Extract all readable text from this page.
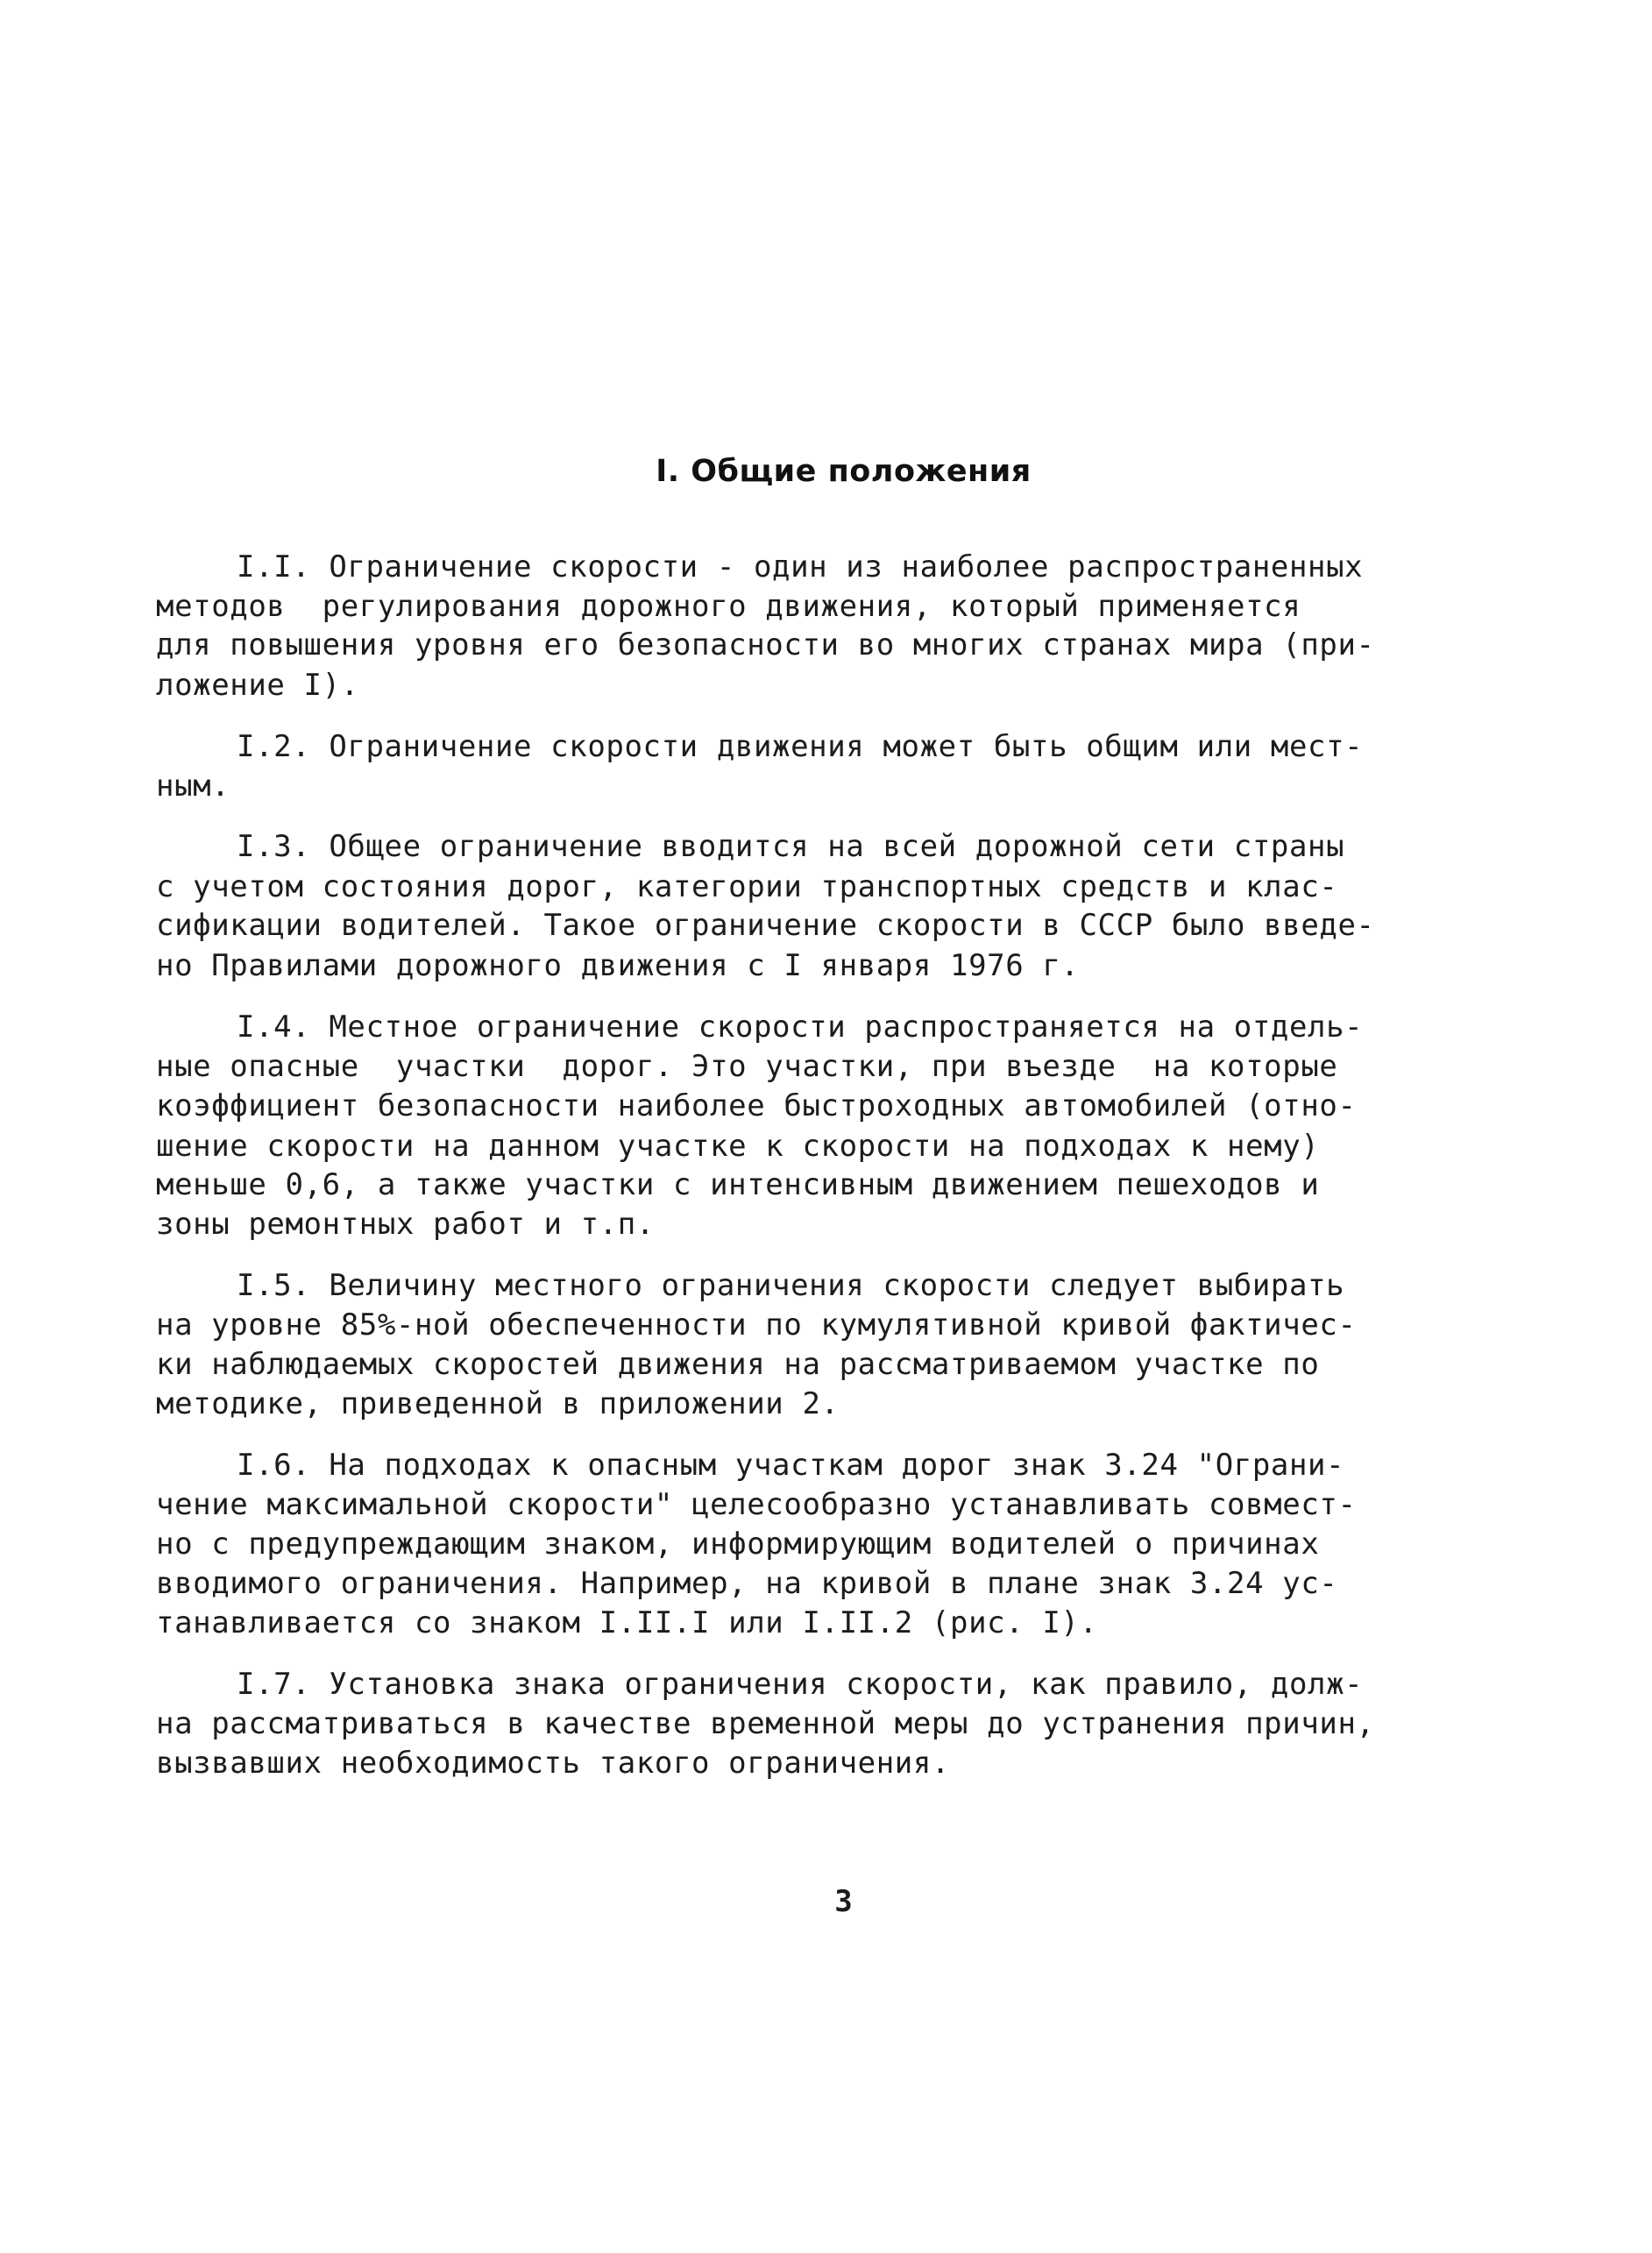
I. Общие положения
I.I. Ограничение скорости - один из наиболее распространенных
методов  регулирования дорожного движения, который применяется
для повышения уровня его безопасности во многих странах мира (при-
ложение I).
I.2. Ограничение скорости движения может быть общим или мест-
ным.
I.3. Общее ограничение вводится на всей дорожной сети страны
с учетом состояния дорог, категории транспортных средств и клас-
сификации водителей. Такое ограничение скорости в СССР было введе-
но Правилами дорожного движения с I января 1976 г.
I.4. Местное ограничение скорости распространяется на отдель-
ные опасные  участки  дорог. Это участки, при въезде  на которые
коэффициент безопасности наиболее быстроходных автомобилей (отно-
шение скорости на данном участке к скорости на подходах к нему)
меньше 0,6, а также участки с интенсивным движением пешеходов и
зоны ремонтных работ и т.п.
I.5. Величину местного ограничения скорости следует выбирать
на уровне 85%-ной обеспеченности по кумулятивной кривой фактичес-
ки наблюдаемых скоростей движения на рассматриваемом участке по
методике, приведенной в приложении 2.
I.6. На подходах к опасным участкам дорог знак 3.24 "Ограни-
чение максимальной скорости" целесообразно устанавливать совмест-
но с предупреждающим знаком, информирующим водителей о причинах
вводимого ограничения. Например, на кривой в плане знак 3.24 ус-
танавливается со знаком I.II.I или I.II.2 (рис. I).
I.7. Установка знака ограничения скорости, как правило, долж-
на рассматриваться в качестве временной меры до устранения причин,
вызвавших необходимость такого ограничения.
3
